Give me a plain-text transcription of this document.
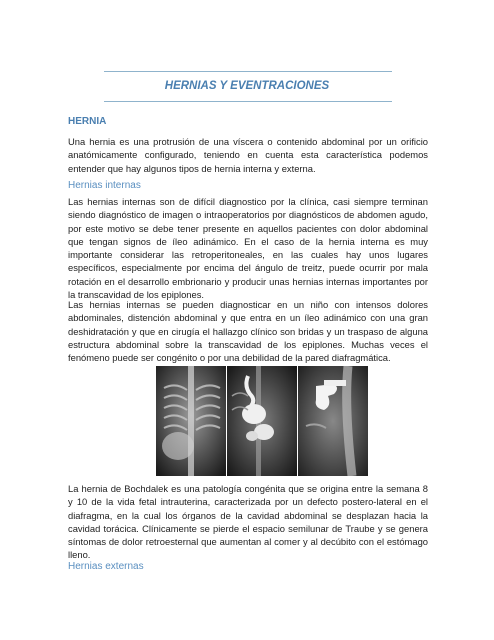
HERNIAS Y EVENTRACIONES
HERNIA

Una hernia es una protrusión de una víscera o contenido abdominal por un orificio anatómicamente configurado, teniendo en cuenta esta característica podemos entender que hay algunos tipos de hernia interna y externa.

Hernias internas

Las hernias internas son de difícil diagnostico por la clínica, casi siempre terminan siendo diagnóstico de imagen o intraoperatorios por diagnósticos de abdomen agudo, por este motivo se debe tener presente en aquellos pacientes con dolor abdominal que tengan signos de íleo adinámico. En el caso de la hernia interna es muy importante considerar las retroperitoneales, en las cuales hay unos lugares específicos, especialmente por encima del ángulo de treitz, puede ocurrir por mala rotación en el desarrollo embrionario y producir unas hernias internas importantes por la transcavidad de los epiplones.

Las hernias internas se pueden diagnosticar en un niño con intensos dolores abdominales, distención abdominal y que entra en un íleo adinámico con una gran deshidratación y que en cirugía el hallazgo clínico son bridas y un traspaso de alguna estructura abdominal sobre la transcavidad de los epiplones. Muchas veces el fenómeno puede ser congénito o por una debilidad de la pared diafragmática.

La hernia de Bochdalek es una patología congénita que se origina entre la semana 8 y 10 de la vida fetal intrauterina, caracterizada por un defecto postero-lateral en el diafragma, en la cual los órganos de la cavidad abdominal se desplazan hacia la cavidad torácica. Clínicamente se pierde el espacio semilunar de Traube y se genera síntomas de dolor retroesternal que aumentan al comer y al decúbito con el estómago lleno.

Hernias externas
